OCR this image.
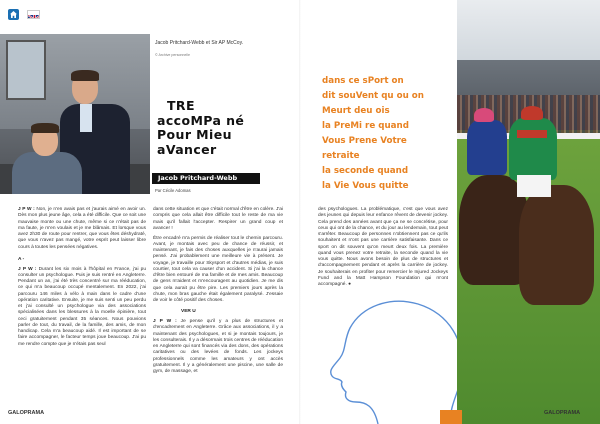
Jacob Pritchard-Webb et Sir AP McCoy.
© Archive personnelle
TRE
accoMPa né
Pour Mieu
aVancer
Jacob Pritchard-Webb
Par Cécile Adomas

J P W : Non, je n'en avais pas et j'aurais aimé en avoir un. Dès mon plus jeune âge, cela a été difficile. Que ce soit une mauvaise monte ou une chute, même si ce n'était pas de ma faute, je m'en voulais et je me blâmais. Et lorsque vous avez 2h30 de route pour rentrer, que vous êtes déshydraté, que vous n'avez pas mangé, votre esprit peut laisser libre cours à toutes les pensées négatives.

A -

J P W : Durant les six mois à l'hôpital en France, j'ai pu consulter un psychologue. Puis je suis rentré en Angleterre. Pendant un an, j'ai été très concentré sur ma rééducation, ce qui m'a beaucoup occupé mentalement. En 2022, j'ai parcouru 146 miles à vélo à main dans le cadre d'une opération caritative. Ensuite, je me suis senti un peu perdu et j'ai consulté un psychologue via des associations spécialisées dans les blessures à la moelle épinière, tout ceci gratuitement pendant 35 séances. Nous pouvions parler de tout, du travail, de la famille, des amis, de mon handicap. Cela m'a beaucoup aidé. Il est important de se faire accompagner, le facteur temps joue beaucoup. J'ai pu me rendre compte que je n'étais pas seul

dans cette situation et que c'était normal d'être en colère. J'ai compris que cela allait être difficile tout le reste de ma vie mais qu'il fallait l'accepter. Respirer un grand coup et avancer !

Être encadré m'a permis de réaliser tout le chemin parcouru. Avant, je montais avec peu de chance de réussir, et maintenant, je fais des choses auxquelles je n'aurai jamais pensé. J'ai probablement une meilleure vie à présent. Je voyage, je travaille pour Skysport et d'autres médias, je suis courtier, tout cela va causer d'un accident. Si j'ai la chance d'être bien entouré de ma famille et de mes amis. Beaucoup de gens m'aident et m'encouragent au quotidien. Je me dis que cela aurait pu être pire. Les premiers jours après la chute, mon bras gauche était également paralysé. J'essaie de voir le côté positif des choses.

VER U

J P W : Je pense qu'il y a plus de structures et d'encadrement en Angleterre. Grâce aux associations, il y a maintenant des psychologues, et si je montais toujours, je les consulterais. Il y a désormais trois centres de rééducation en Angleterre qui sont financés via des dons, des opérations caritatives ou des levées de fonds. Les jockeys professionnels comme les amateurs y ont accès gratuitement. Il y a généralement une piscine, une salle de gym, de massage, et

dans ce sPort on
dit souVent qu ou on
Meurt deu ois
la PreMi re quand
Vous Prene Votre
retraite
la seconde quand
la Vie Vous quitte

des psychologues. La problématique, c'est que vous avez des jeunes qui depuis leur enfance rêvent de devenir jockey. Cela prend des années avant que ça ne se concrétise, pour ceux qui ont de la chance, et du jour au lendemain, tout peut s'arrêter. Beaucoup de personnes n'obtiennent pas ce qu'ils souhaitent et n'ont pas une carrière satisfaisante. Dans ce sport on dit souvent qu'on meurt deux fois. La première quand vous prenez votre retraite, la seconde quand la vie vous quitte. Nous avons besoin de plus de structures et d'accompagnement pendant et après la carrière de jockey. Je souhaiterais en profiter pour remercier le Injured Jockeys Fund and la Matt Hampson Foundation qui m'ont accompagné. ●

GALOPRAMA	GALOPRAMA
